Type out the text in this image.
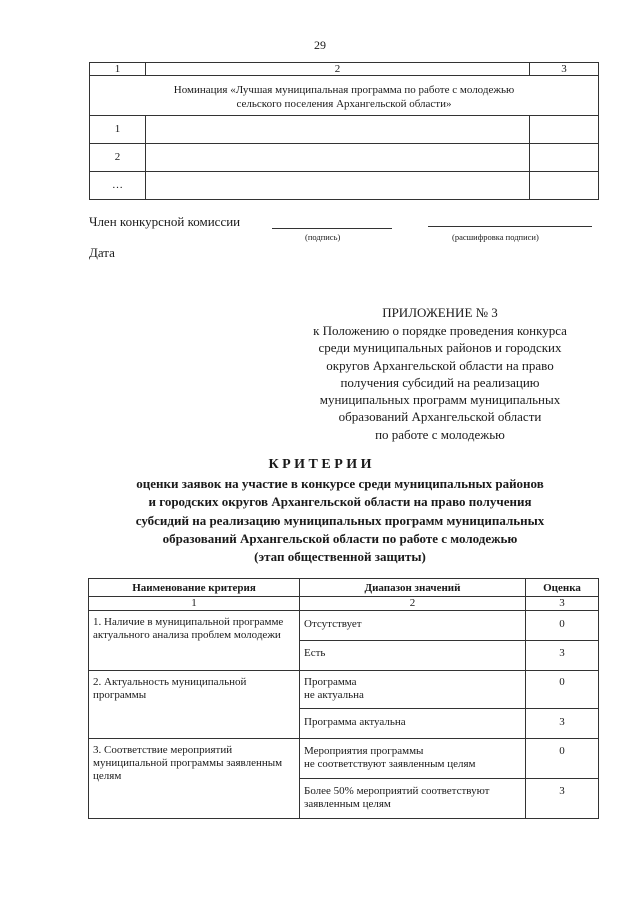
29
1	2	3
Номинация «Лучшая муниципальная программа по работе с молодежью сельского поселения Архангельской области»		
1		
2		
…		
Член конкурсной комиссии
(подпись)	(расшифровка подписи)
Дата
ПРИЛОЖЕНИЕ № 3
к Положению о порядке проведения конкурса
среди муниципальных районов и городских
округов Архангельской области на право
получения субсидий на реализацию
муниципальных программ муниципальных
образований Архангельской области
по работе с молодежью
К Р И Т Е Р И И
оценки заявок на участие в конкурсе среди муниципальных районов
и городских округов Архангельской области на право получения
субсидий на реализацию муниципальных программ муниципальных
образований Архангельской области по работе с молодежью
(этап общественной защиты)
Наименование критерия	Диапазон значений	Оценка
1	2	3
1. Наличие в муниципальной программе актуального анализа проблем молодежи	Отсутствует	0
	Есть	3
2. Актуальность муниципальной программы	Программа
не актуальна	0
	Программа актуальна	3
3. Соответствие мероприятий муниципальной программы заявленным целям	Мероприятия программы
не соответствуют заявленным целям	0

	Более 50% мероприятий соответствуют
заявленным целям	3
